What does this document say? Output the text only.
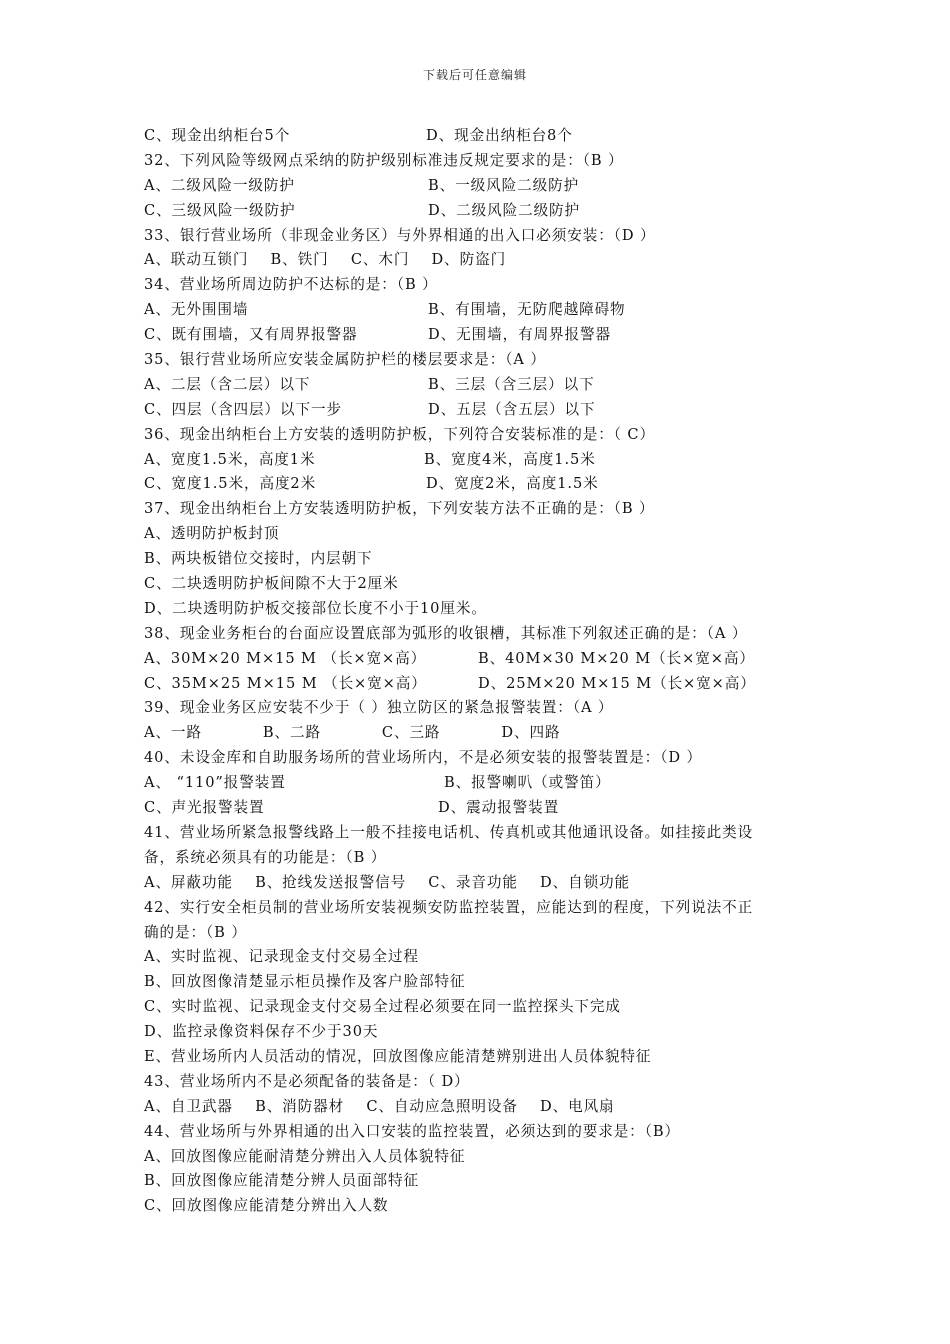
下载后可任意编辑
C、现金出纳柜台5个	D、现金出纳柜台8个
32、下列风险等级网点采纳的防护级别标准违反规定要求的是：（B ）
A、二级风险一级防护	B、一级风险二级防护
C、三级风险一级防护	D、二级风险二级防护
33、银行营业场所（非现金业务区）与外界相通的出入口必须安装：（D ）
A、联动互锁门    B、铁门    C、木门    D、防盗门
34、营业场所周边防护不达标的是：（B ）
A、无外围围墙	B、有围墙，无防爬越障碍物
C、既有围墙，又有周界报警器	D、无围墙，有周界报警器
35、银行营业场所应安装金属防护栏的楼层要求是：（A ）
A、二层（含二层）以下	B、三层（含三层）以下
C、四层（含四层）以下一步	D、五层（含五层）以下
36、现金出纳柜台上方安装的透明防护板，下列符合安装标准的是：（ C）
A、宽度1.5米，高度1米	B、宽度4米，高度1.5米
C、宽度1.5米，高度2米	D、宽度2米，高度1.5米
37、现金出纳柜台上方安装透明防护板，下列安装方法不正确的是：（B ）
A、透明防护板封顶
B、两块板错位交接时，内层朝下
C、二块透明防护板间隙不大于2厘米
D、二块透明防护板交接部位长度不小于10厘米。
38、现金业务柜台的台面应设置底部为弧形的收银槽，其标准下列叙述正确的是：（A ）
A、30M×20 M×15 M （长×宽×高）	B、40M×30 M×20 M（长×宽×高）
C、35M×25 M×15 M （长×宽×高）	D、25M×20 M×15 M（长×宽×高）
39、现金业务区应安装不少于（ ）独立防区的紧急报警装置：（A ）
A、一路           B、二路           C、三路           D、四路
40、未设金库和自助服务场所的营业场所内，不是必须安装的报警装置是：（D ）
A、 “110”报警装置	B、报警喇叭（或警笛）
C、声光报警装置	D、震动报警装置
41、营业场所紧急报警线路上一般不挂接电话机、传真机或其他通讯设备。如挂接此类设
备，系统必须具有的功能是：（B ）
A、屏蔽功能    B、抢线发送报警信号    C、录音功能    D、自锁功能
42、实行安全柜员制的营业场所安装视频安防监控装置，应能达到的程度，下列说法不正
确的是：（B ）
A、实时监视、记录现金支付交易全过程
B、回放图像清楚显示柜员操作及客户脸部特征
C、实时监视、记录现金支付交易全过程必须要在同一监控探头下完成
D、监控录像资料保存不少于30天
E、营业场所内人员活动的情况，回放图像应能清楚辨别进出人员体貌特征
43、营业场所内不是必须配备的装备是：（ D）
A、自卫武器    B、消防器材    C、自动应急照明设备    D、电风扇
44、营业场所与外界相通的出入口安装的监控装置，必须达到的要求是：（B）
A、回放图像应能耐清楚分辨出入人员体貌特征
B、回放图像应能清楚分辨人员面部特征
C、回放图像应能清楚分辨出入人数
